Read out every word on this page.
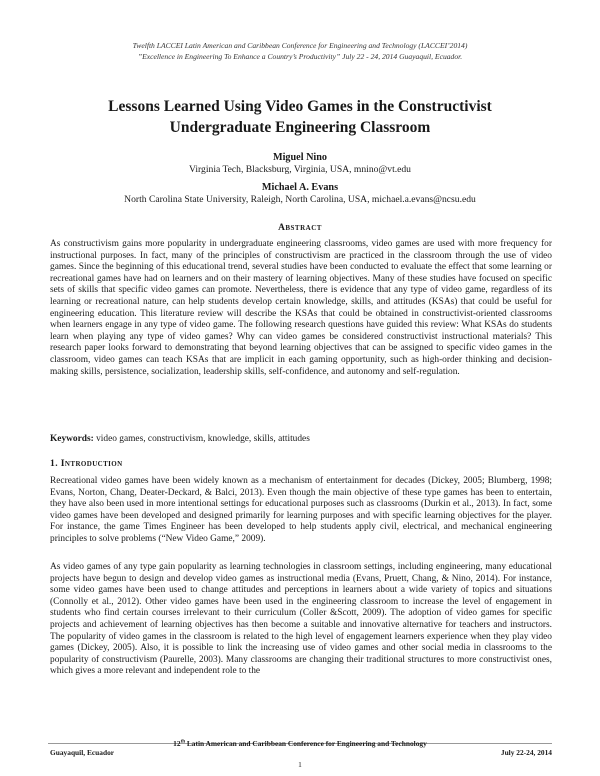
Twelfth LACCEI Latin American and Caribbean Conference for Engineering and Technology (LACCEI’2014)
”Excellence in Engineering To Enhance a Country’s Productivity” July 22 - 24, 2014 Guayaquil, Ecuador.
Lessons Learned Using Video Games in the Constructivist
Undergraduate Engineering Classroom
Miguel Nino
Virginia Tech, Blacksburg, Virginia, USA, mnino@vt.edu
Michael A. Evans
North Carolina State University, Raleigh, North Carolina, USA, michael.a.evans@ncsu.edu
Abstract

As constructivism gains more popularity in undergraduate engineering classrooms, video games are used with more frequency for instructional purposes. In fact, many of the principles of constructivism are practiced in the classroom through the use of video games. Since the beginning of this educational trend, several studies have been conducted to evaluate the effect that some learning or recreational games have had on learners and on their mastery of learning objectives. Many of these studies have focused on specific sets of skills that specific video games can promote. Nevertheless, there is evidence that any type of video game, regardless of its learning or recreational nature, can help students develop certain knowledge, skills, and attitudes (KSAs) that could be useful for engineering education. This literature review will describe the KSAs that could be obtained in constructivist-oriented classrooms when learners engage in any type of video game. The following research questions have guided this review: What KSAs do students learn when playing any type of video games? Why can video games be considered constructivist instructional materials? This research paper looks forward to demonstrating that beyond learning objectives that can be assigned to specific video games in the classroom, video games can teach KSAs that are implicit in each gaming opportunity, such as high-order thinking and decision-making skills, persistence, socialization, leadership skills, self-confidence, and autonomy and self-regulation.

Keywords: video games, constructivism, knowledge, skills, attitudes
1. Introduction

Recreational video games have been widely known as a mechanism of entertainment for decades (Dickey, 2005; Blumberg, 1998; Evans, Norton, Chang, Deater-Deckard, & Balci, 2013). Even though the main objective of these type games has been to entertain, they have also been used in more intentional settings for educational purposes such as classrooms (Durkin et al., 2013). In fact, some video games have been developed and designed primarily for learning purposes and with specific learning objectives for the player. For instance, the game Times Engineer has been developed to help students apply civil, electrical, and mechanical engineering principles to solve problems (“New Video Game,” 2009).

As video games of any type gain popularity as learning technologies in classroom settings, including engineering, many educational projects have begun to design and develop video games as instructional media (Evans, Pruett, Chang, & Nino, 2014). For instance, some video games have been used to change attitudes and perceptions in learners about a wide variety of topics and situations (Connolly et al., 2012). Other video games have been used in the engineering classroom to increase the level of engagement in students who find certain courses irrelevant to their curriculum (Coller &Scott, 2009). The adoption of video games for specific projects and achievement of learning objectives has then become a suitable and innovative alternative for teachers and instructors. The popularity of video games in the classroom is related to the high level of engagement learners experience when they play video games (Dickey, 2005). Also, it is possible to link the increasing use of video games and other social media in classrooms to the popularity of constructivism (Paurelle, 2003). Many classrooms are changing their traditional structures to more constructivist ones, which gives a more relevant and independent role to the

12th Latin American and Caribbean Conference for Engineering and Technology
Guayaquil, Ecuador	July 22-24, 2014
1
